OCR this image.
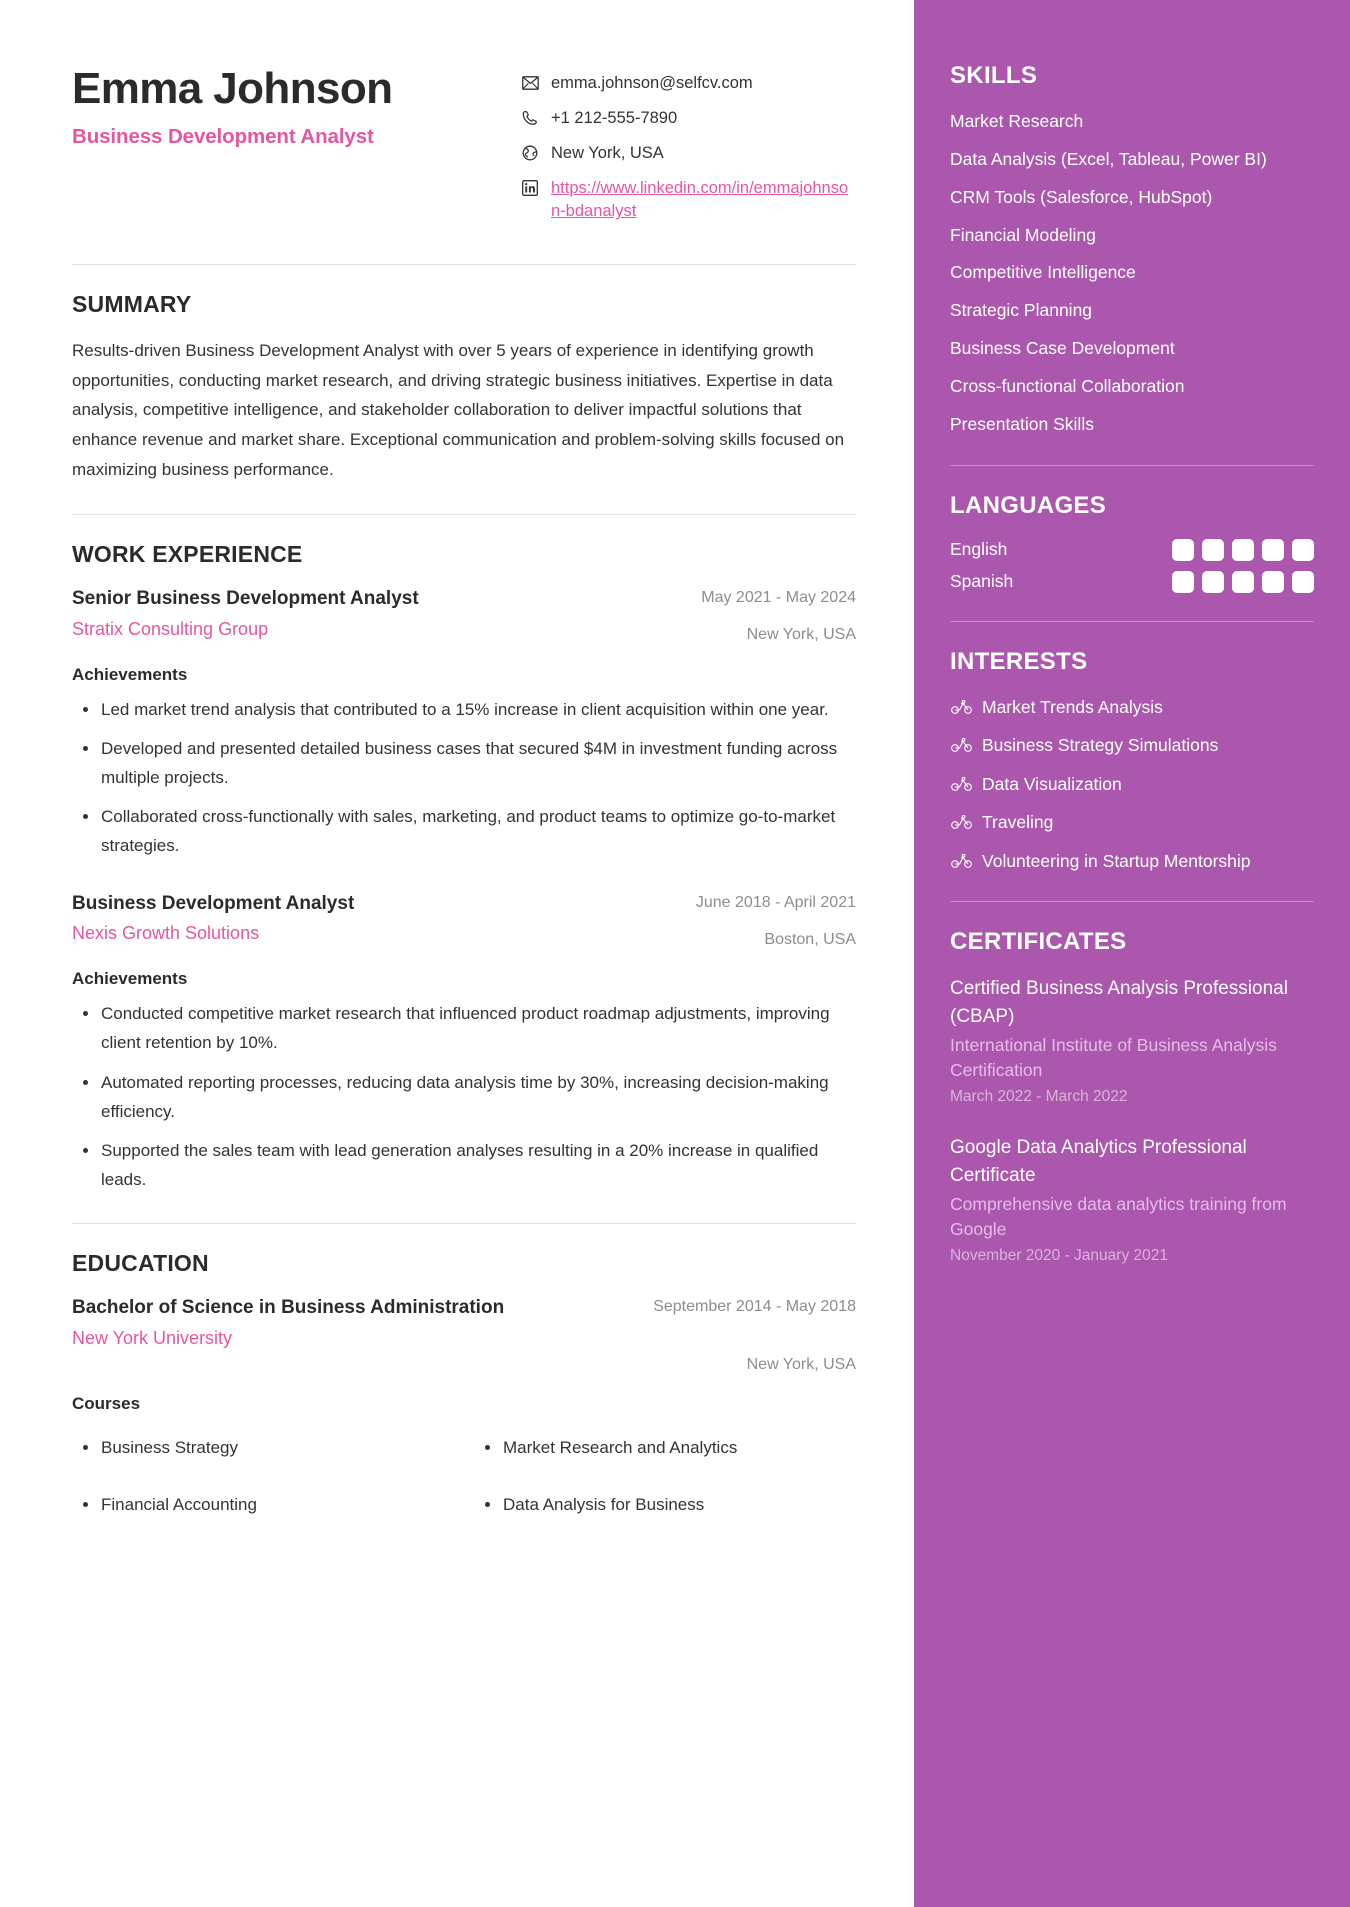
Emma Johnson
Business Development Analyst
emma.johnson@selfcv.com
+1 212-555-7890
New York, USA
https://www.linkedin.com/in/emmajohnson-bdanalyst
SUMMARY
Results-driven Business Development Analyst with over 5 years of experience in identifying growth opportunities, conducting market research, and driving strategic business initiatives. Expertise in data analysis, competitive intelligence, and stakeholder collaboration to deliver impactful solutions that enhance revenue and market share. Exceptional communication and problem-solving skills focused on maximizing business performance.
WORK EXPERIENCE
Senior Business Development Analyst
Stratix Consulting Group
May 2021 - May 2024
New York, USA
Achievements
Led market trend analysis that contributed to a 15% increase in client acquisition within one year.
Developed and presented detailed business cases that secured $4M in investment funding across multiple projects.
Collaborated cross-functionally with sales, marketing, and product teams to optimize go-to-market strategies.
Business Development Analyst
Nexis Growth Solutions
June 2018 - April 2021
Boston, USA
Achievements
Conducted competitive market research that influenced product roadmap adjustments, improving client retention by 10%.
Automated reporting processes, reducing data analysis time by 30%, increasing decision-making efficiency.
Supported the sales team with lead generation analyses resulting in a 20% increase in qualified leads.
EDUCATION
Bachelor of Science in Business Administration
New York University
September 2014 - May 2018
New York, USA
Courses
Business Strategy	Market Research and Analytics
Financial Accounting	Data Analysis for Business
SKILLS
Market Research
Data Analysis (Excel, Tableau, Power BI)
CRM Tools (Salesforce, HubSpot)
Financial Modeling
Competitive Intelligence
Strategic Planning
Business Case Development
Cross-functional Collaboration
Presentation Skills
LANGUAGES
English
Spanish
INTERESTS
Market Trends Analysis
Business Strategy Simulations
Data Visualization
Traveling
Volunteering in Startup Mentorship
CERTIFICATES
Certified Business Analysis Professional (CBAP)
International Institute of Business Analysis Certification
March 2022 - March 2022
Google Data Analytics Professional Certificate
Comprehensive data analytics training from Google
November 2020 - January 2021
